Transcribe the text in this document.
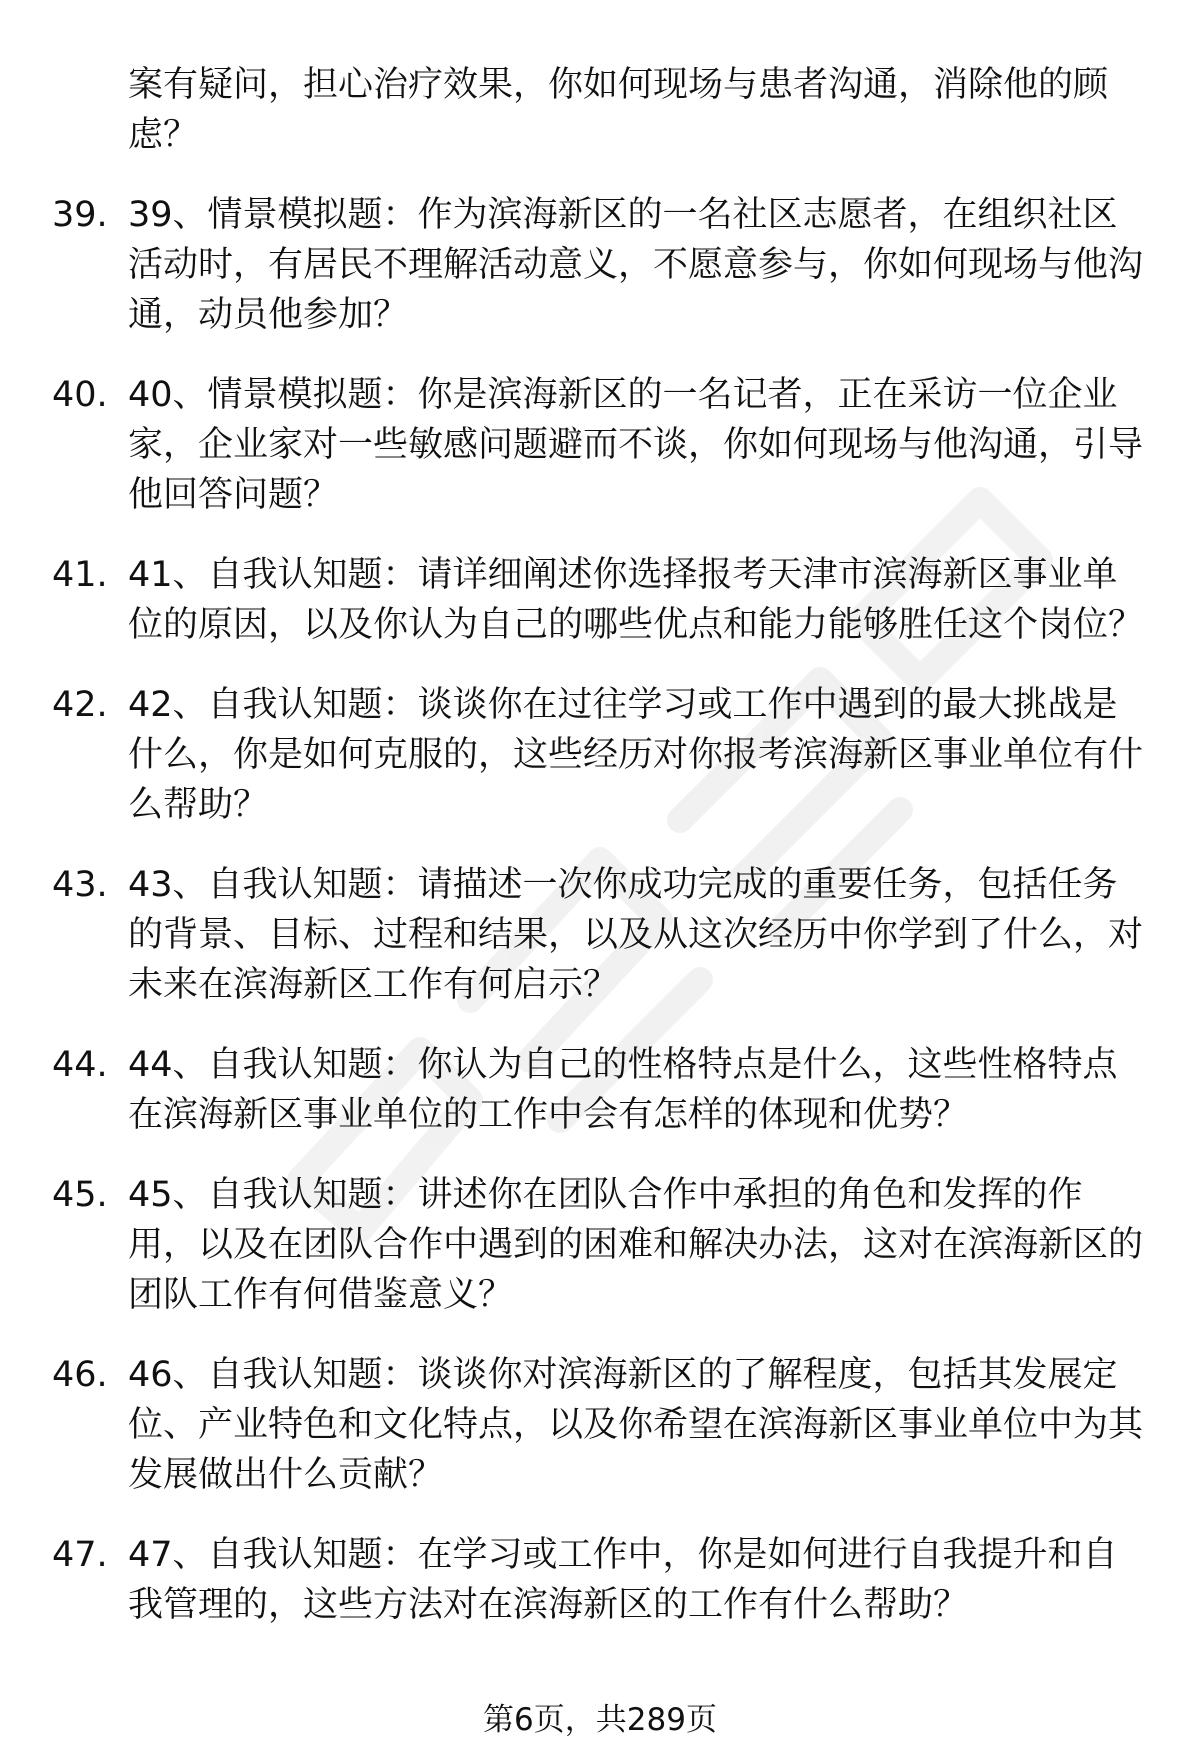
案有疑问，担心治疗效果，你如何现场与患者沟通，消除他的顾虑？

39. 39、情景模拟题：作为滨海新区的一名社区志愿者，在组织社区活动时，有居民不理解活动意义，不愿意参与，你如何现场与他沟通，动员他参加？

40. 40、情景模拟题：你是滨海新区的一名记者，正在采访一位企业家，企业家对一些敏感问题避而不谈，你如何现场与他沟通，引导他回答问题？

41. 41、自我认知题：请详细阐述你选择报考天津市滨海新区事业单位的原因，以及你认为自己的哪些优点和能力能够胜任这个岗位？

42. 42、自我认知题：谈谈你在过往学习或工作中遇到的最大挑战是什么，你是如何克服的，这些经历对你报考滨海新区事业单位有什么帮助？

43. 43、自我认知题：请描述一次你成功完成的重要任务，包括任务的背景、目标、过程和结果，以及从这次经历中你学到了什么，对未来在滨海新区工作有何启示？

44. 44、自我认知题：你认为自己的性格特点是什么，这些性格特点在滨海新区事业单位的工作中会有怎样的体现和优势？

45. 45、自我认知题：讲述你在团队合作中承担的角色和发挥的作用，以及在团队合作中遇到的困难和解决办法，这对在滨海新区的团队工作有何借鉴意义？

46. 46、自我认知题：谈谈你对滨海新区的了解程度，包括其发展定位、产业特色和文化特点，以及你希望在滨海新区事业单位中为其发展做出什么贡献？

47. 47、自我认知题：在学习或工作中，你是如何进行自我提升和自我管理的，这些方法对在滨海新区的工作有什么帮助？

第6页，共289页
